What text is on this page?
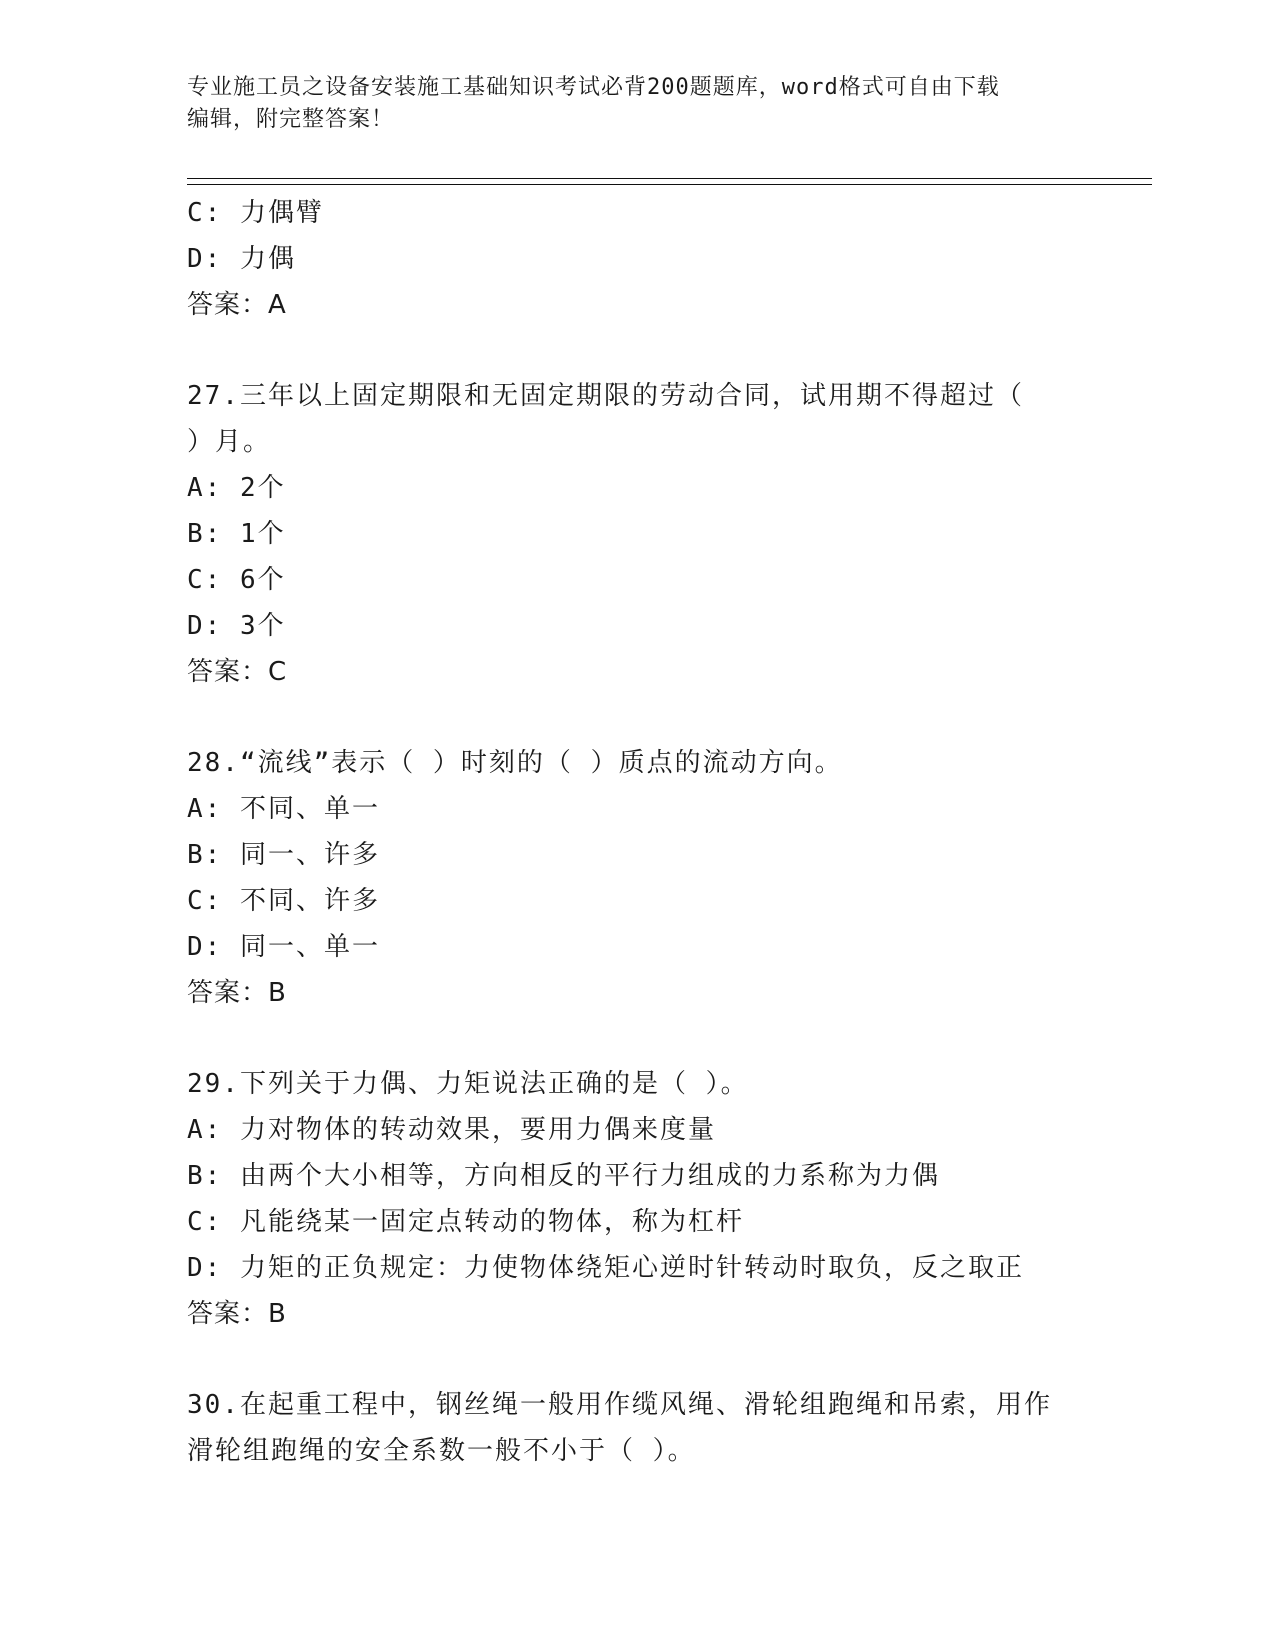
专业施工员之设备安装施工基础知识考试必背200题题库，word格式可自由下载
编辑，附完整答案！
C: 力偶臂
D: 力偶
答案：A
27.三年以上固定期限和无固定期限的劳动合同，试用期不得超过（
）月。
A: 2个
B: 1个
C: 6个
D: 3个
答案：C
28.“流线”表示（ ）时刻的（ ）质点的流动方向。
A: 不同、单一
B: 同一、许多
C: 不同、许多
D: 同一、单一
答案：B
29.下列关于力偶、力矩说法正确的是（ ）。
A: 力对物体的转动效果，要用力偶来度量
B: 由两个大小相等，方向相反的平行力组成的力系称为力偶
C: 凡能绕某一固定点转动的物体，称为杠杆
D: 力矩的正负规定：力使物体绕矩心逆时针转动时取负，反之取正
答案：B
30.在起重工程中，钢丝绳一般用作缆风绳、滑轮组跑绳和吊索，用作
滑轮组跑绳的安全系数一般不小于（ ）。
